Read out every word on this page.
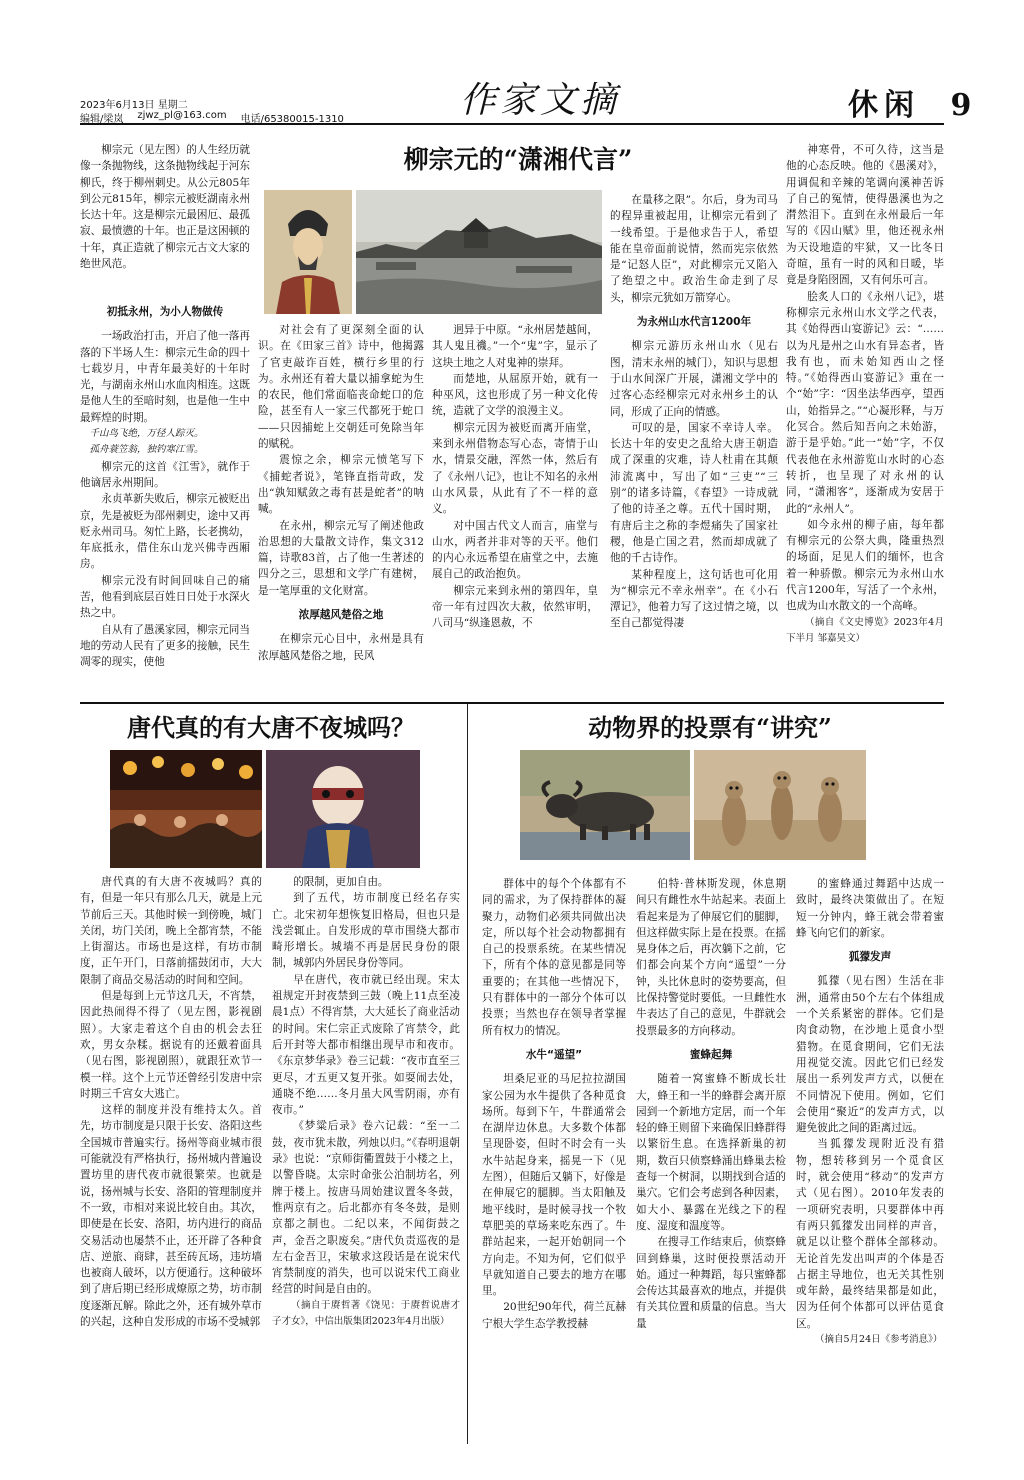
2023年6月13日 星期二
编辑/梁岚 zjwz_pl@163.com 电话/65380015-1310	作家文摘	休闲 9
柳宗元的“潇湘代言”

柳宗元（见左图）的人生经历就像一条抛物线，这条抛物线起于河东柳氏，终于柳州刺史。从公元805年到公元815年，柳宗元被贬湖南永州长达十年。这是柳宗元最困厄、最孤寂、最愤懑的十年。也正是这困顿的十年，真正造就了柳宗元古文大家的绝世风范。

初抵永州，为小人物做传

一场政治打击，开启了他一落再落的下半场人生：柳宗元生命的四十七载岁月，中青年最美好的十年时光，与湖南永州山水血肉相连。这既是他人生的至暗时刻，也是他一生中最辉煌的时期。

千山鸟飞绝，万径人踪灭。

孤舟蓑笠翁，独钓寒江雪。

柳宗元的这首《江雪》，就作于他谪居永州期间。

永贞革新失败后，柳宗元被贬出京，先是被贬为邵州刺史，途中又再贬永州司马。匆忙上路，长老携幼，年底抵永，借住东山龙兴佛寺西厢房。

柳宗元没有时间回味自己的痛苦，他看到底层百姓日日处于水深火热之中。

自从有了愚溪家园，柳宗元同当地的劳动人民有了更多的接触，民生凋零的现实，使他

对社会有了更深刻全面的认识。在《田家三首》诗中，他揭露了官吏敲诈百姓，横行乡里的行为。永州还有着大量以捕拿蛇为生的农民，他们常面临丧命蛇口的危险，甚至有人一家三代都死于蛇口——只因捕蛇上交朝廷可免除当年的赋税。

震惊之余，柳宗元愤笔写下《捕蛇者说》，笔锋直指苛政，发出“孰知赋敛之毒有甚是蛇者”的呐喊。

在永州，柳宗元写了阐述他政治思想的大量散文诗作，集文312篇，诗歌83首，占了他一生著述的四分之三，思想和文学广有建树，是一笔厚重的文化财富。

浓厚越风楚俗之地

在柳宗元心目中，永州是具有浓厚越风楚俗之地，民风

迥异于中原。“永州居楚越间，其人鬼且禨。”一个“鬼”字，显示了这块土地之人对鬼神的崇拜。

而楚地，从屈原开始，就有一种巫风，这也形成了另一种文化传统，造就了文学的浪漫主义。

柳宗元因为被贬而离开庙堂，来到永州借物态写心态，寄情于山水，情景交融，浑然一体，然后有了《永州八记》，也让不知名的永州山水风景，从此有了不一样的意义。

对中国古代文人而言，庙堂与山水，两者并非对等的天平。他们的内心永远希望在庙堂之中，去施展自己的政治抱负。

柳宗元来到永州的第四年，皇帝一年有过四次大赦，依然审明，八司马“纵逢恩赦，不

在量移之限”。尔后，身为司马的程异重被起用，让柳宗元看到了一线希望。于是他求告于人，希望能在皇帝面前说情，然而宪宗依然是“记怒人臣”，对此柳宗元又陷入了绝望之中。政治生命走到了尽头，柳宗元犹如万箭穿心。

为永州山水代言1200年

柳宗元游历永州山水（见右图，清末永州的城门），知识与思想于山水间深广开展，潇湘文学中的过客心态经柳宗元对永州乡土的认同，形成了正向的情感。

可叹的是，国家不幸诗人幸。长达十年的安史之乱给大唐王朝造成了深重的灾难，诗人杜甫在其颠沛流离中，写出了如“三吏”“三别”的诸多诗篇，《春望》一诗成就了他的诗圣之尊。五代十国时期，有唐后主之称的李煜痛失了国家社稷，他是亡国之君，然而却成就了他的千古诗作。

某种程度上，这句话也可化用为“柳宗元不幸永州幸”。在《小石潭记》，他着力写了这过情之境，以至自己都觉得凄

神寒骨，不可久待，这当是他的心态反映。他的《愚溪对》，用调侃和辛辣的笔调向溪神苦诉了自己的冤情，使得愚溪也为之潸然泪下。直到在永州最后一年写的《囚山赋》里，他还视永州为天设地造的牢狱，又一比冬日奇暄，虽有一时的风和日暖，毕竟是身陷囹圄，又有何乐可言。

脍炙人口的《永州八记》，堪称柳宗元永州山水文学之代表，其《始得西山宴游记》云：“……以为凡是州之山水有异态者，皆我有也，而未始知西山之怪特。”《始得西山宴游记》重在一个“始”字：“因坐法华西亭，望西山，始指异之。”“心凝形释，与万化冥合。然后知吾向之未始游，游于是乎始。”此一“始”字，不仅代表他在永州游览山水时的心态转折，也呈现了对永州的认同，“潇湘客”，逐渐成为安居于此的“永州人”。

如今永州的柳子庙，每年都有柳宗元的公祭大典，隆重热烈的场面，足见人们的缅怀，也含着一种骄傲。柳宗元为永州山水代言1200年，写活了一个永州，也成为山水散文的一个高峰。

（摘自《文史博览》2023年4月下半月 邹嘉昊文）

唐代真的有大唐不夜城吗？

唐代真的有大唐不夜城吗？真的有，但是一年只有那么几天，就是上元节前后三天。其他时候一到傍晚，城门关闭，坊门关闭，晚上全都宵禁，不能上街溜达。市场也是这样，有坊市制度，正午开门，日落前擂鼓闭市，大大限制了商品交易活动的时间和空间。

但是每到上元节这几天，不宵禁，因此热闹得不得了（见左图，影视剧照）。大家走着这个自由的机会去狂欢，男女杂糅。据说有的还戴着面具（见右图，影视剧照），就跟狂欢节一模一样。这个上元节还曾经引发唐中宗时期三千宫女大逃亡。

这样的制度并没有维持太久。首先，坊市制度是只限于长安、洛阳这些全国城市普遍实行。扬州等商业城市很可能就没有严格执行，扬州城内普遍设置坊里的唐代夜市就很繁荣。也就是说，扬州城与长安、洛阳的管理制度并不一致，市相对来说比较自由。其次，即使是在长安、洛阳，坊内进行的商品交易活动也屡禁不止，还开辟了各种食店、逆旅、商肆，甚至砖瓦场，违坊墙也被商人破坏，以方便通行。这种破坏到了唐后期已经形成燎原之势，坊市制度逐渐瓦解。除此之外，还有城外草市的兴起，这种自发形成的市场不受城郭

的限制，更加自由。

到了五代，坊市制度已经名存实亡。北宋初年想恢复旧格局，但也只是浅尝辄止。自发形成的草市围绕大都市畸形增长。城墙不再是居民身份的限制，城郭内外居民身份等同。

早在唐代，夜市就已经出现。宋太祖规定开封夜禁到三鼓（晚上11点至凌晨1点）不得宵禁，大大延长了商业活动的时间。宋仁宗正式废除了宵禁令，此后开封等大都市相继出现早市和夜市。《东京梦华录》卷三记载：“夜市直至三更尽，才五更又复开张。如耍闹去处，通晓不绝……冬月虽大风雪阴雨，亦有夜市。”

《梦粱后录》卷六记载：“至一二鼓，夜市犹未散，列烛以归。”《春明退朝录》也说：“京师街衢置鼓于小楼之上，以警昏晓。太宗时命张公泊制坊名，列牌于楼上。按唐马周始建议置冬冬鼓，惟两京有之。后北都亦有冬冬鼓，是则京都之制也。二纪以来，不闻街鼓之声，金吾之职废矣。”唐代负责巡夜的是左右金吾卫，宋敏求这段话是在说宋代宵禁制度的消失，也可以说宋代工商业经营的时间是自由的。

（摘自于赓哲著《饶见：于赓哲说唐才子才女》，中信出版集团2023年4月出版）

动物界的投票有“讲究”

群体中的每个个体都有不同的需求，为了保持群体的凝聚力，动物们必须共同做出决定，所以每个社会动物都拥有自己的投票系统。在某些情况下，所有个体的意见都是同等重要的；在其他一些情况下，只有群体中的一部分个体可以投票；当然也存在领导者掌握所有权力的情况。

水牛“遥望”

坦桑尼亚的马尼拉拉湖国家公园为水牛提供了各种觅食场所。每到下午，牛群通常会在湖岸边休息。大多数个体都呈现卧姿，但时不时会有一头水牛站起身来，摇晃一下（见左图），但随后又躺下，好像是在伸展它的腿脚。当太阳触及地平线时，是时候寻找一个牧草肥美的草场来吃东西了。牛群站起来，一起开始朝同一个方向走。不知为何，它们似乎早就知道自己要去的地方在哪里。

20世纪90年代，荷兰瓦赫宁根大学生态学教授赫

伯特·普林斯发现，休息期间只有雌性水牛站起来。表面上看起来是为了伸展它们的腿脚，但这样做实际上是在投票。在摇晃身体之后，再次躺下之前，它们都会向某个方向“遥望”一分钟，头比休息时的姿势要高，但比保持警觉时要低。一旦雌性水牛表达了自己的意见，牛群就会投票最多的方向移动。

蜜蜂起舞

随着一窝蜜蜂不断成长壮大，蜂王和一半的蜂群会离开原园到一个新地方定居，而一个年轻的蜂王则留下来确保旧蜂群得以繁衍生息。在选择新巢的初期，数百只侦察蜂涌出蜂巢去检查每一个树洞，以期找到合适的巢穴。它们会考虑到各种因素，如大小、暴露在光线之下的程度、湿度和温度等。

在搜寻工作结束后，侦察蜂回到蜂巢，这时便投票活动开始。通过一种舞蹈，每只蜜蜂都会传达其最喜欢的地点，并提供有关其位置和质量的信息。当大量

的蜜蜂通过舞蹈中达成一致时，最终决策做出了。在短短一分钟内，蜂王就会带着蜜蜂飞向它们的新家。

狐獴发声

狐獴（见右图）生活在非洲，通常由50个左右个体组成一个关系紧密的群体。它们是肉食动物，在沙地上觅食小型猎物。在觅食期间，它们无法用视觉交流。因此它们已经发展出一系列发声方式，以便在不同情况下使用。例如，它们会使用“聚近”的发声方式，以避免彼此之间的距离过远。

当狐獴发现附近没有猎物，想转移到另一个觅食区时，就会使用“移动”的发声方式（见右图）。2010年发表的一项研究表明，只要群体中再有两只狐獴发出同样的声音，就足以让整个群体全部移动。无论首先发出叫声的个体是否占据主导地位，也无关其性别或年龄，最终结果都是如此，因为任何个体都可以评估觅食区。

（摘自5月24日《参考消息》）
